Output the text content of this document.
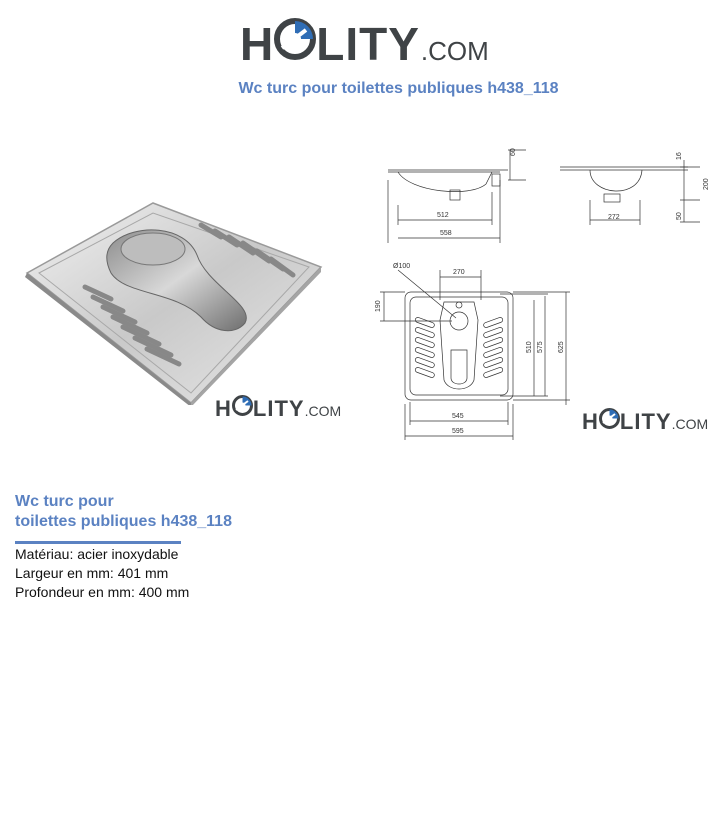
H LITY .COM
Wc turc pour toilettes publiques h438_118
H LITY .COM
60
512
558
16
200
50
272
Ø100
270
190
510 575 625
545
595	H LITY .COM
Wc turc pour
toilettes publiques h438_118
Matériau: acier inoxydable
Largeur en mm: 401 mm
Profondeur en mm: 400 mm
